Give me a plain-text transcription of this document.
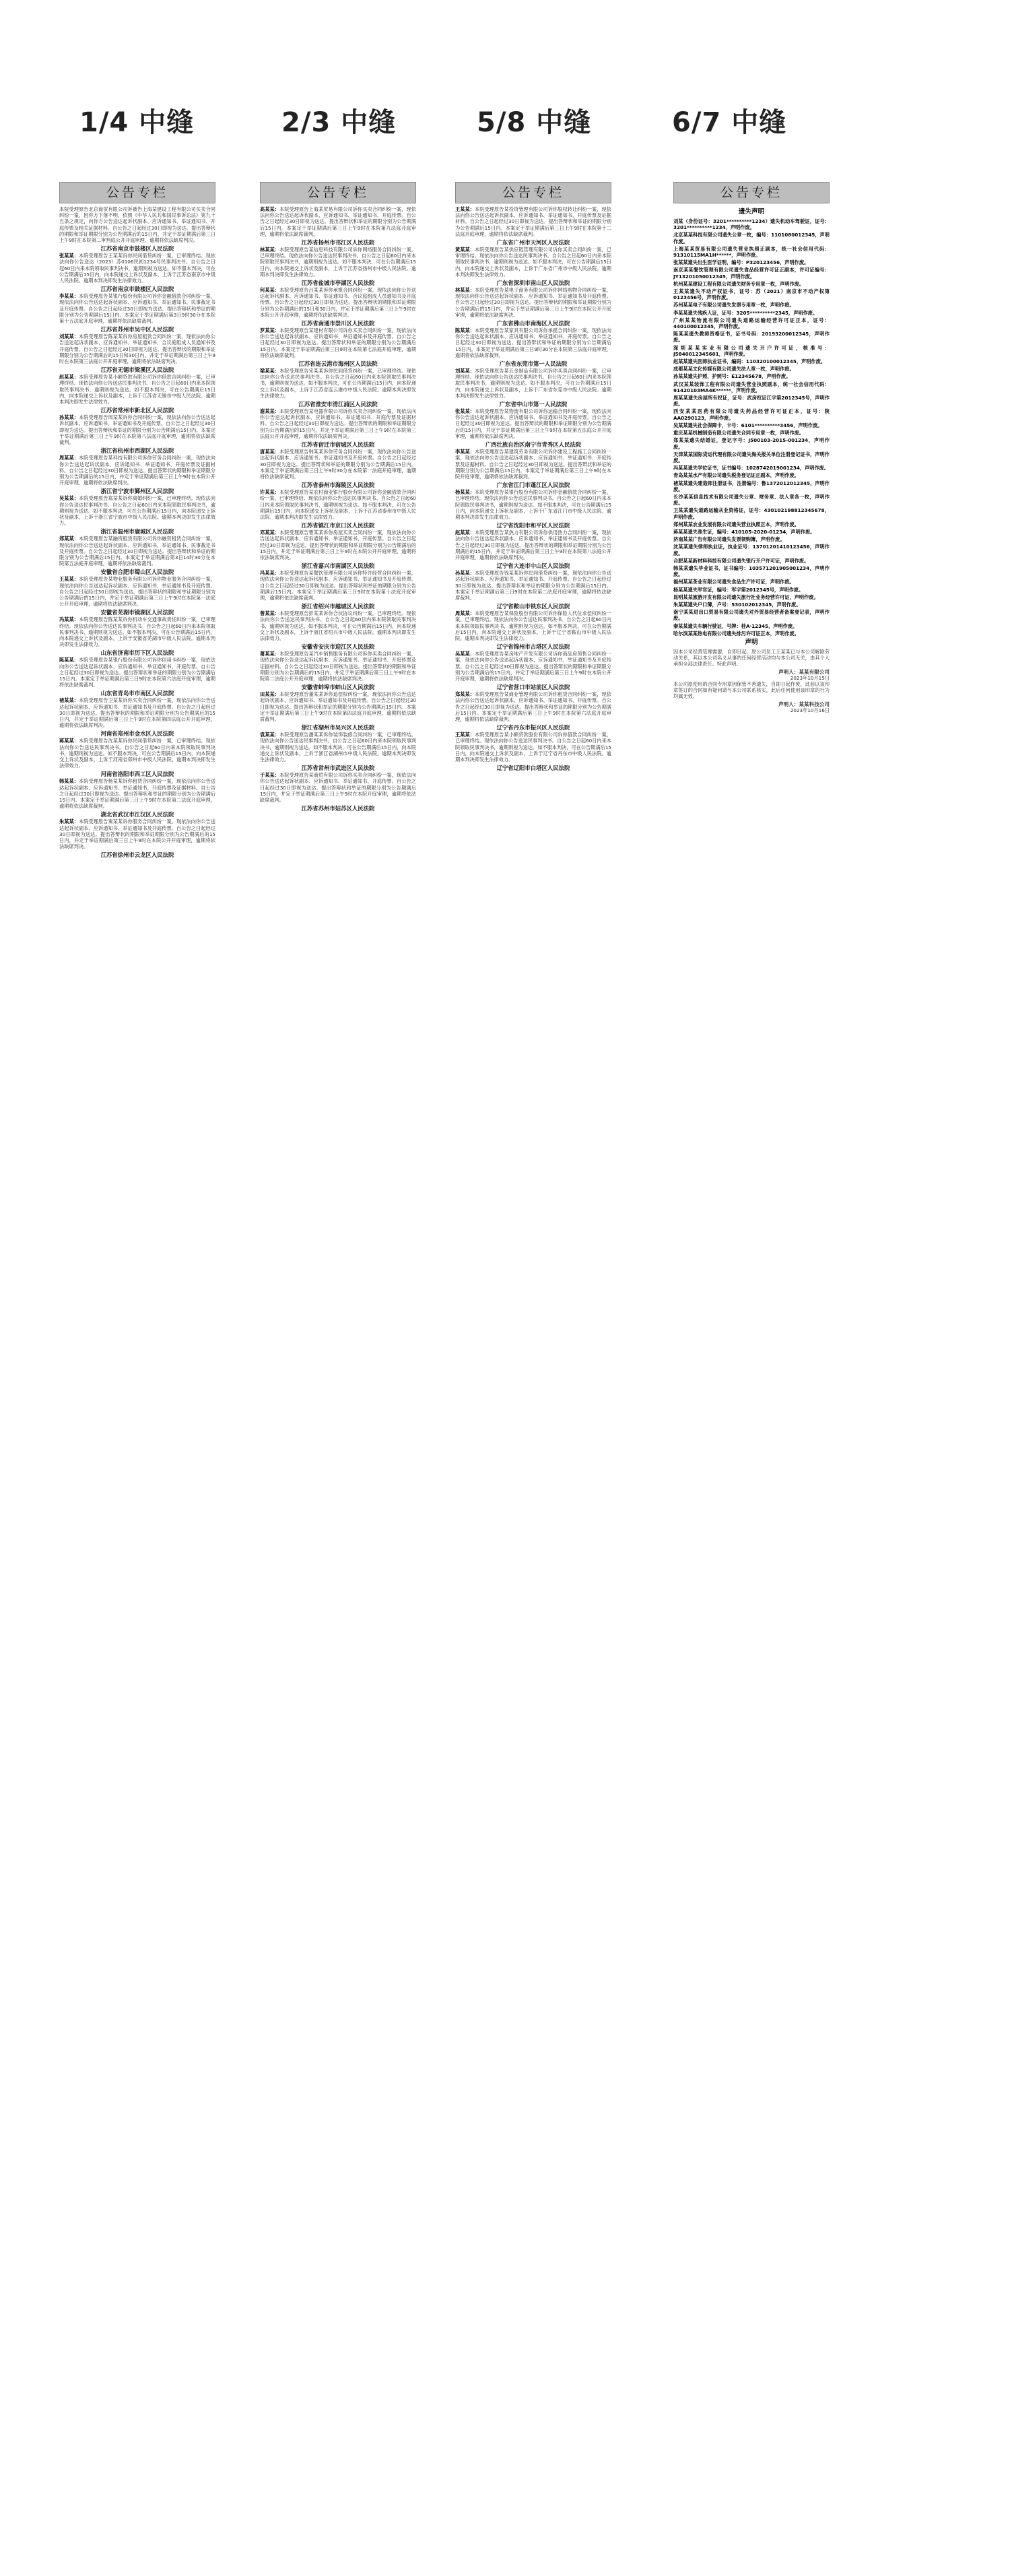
1/4 中缝	2/3 中缝	5/8 中缝	6/7 中缝
公告专栏

本院受理原告北京商贸有限公司诉被告上海某建设工程有限公司买卖合同纠纷一案，因你方下落不明，依照《中华人民共和国民事诉讼法》第九十五条之规定，向你方公告送达起诉状副本、应诉通知书、举证通知书、开庭传票及相关证据材料。自公告之日起经过30日即视为送达。提出答辩状的期限和举证期限分别为公告期满后的15日内，并定于举证期满后第三日上午9时在本院第二审判庭公开开庭审理，逾期将依法缺席判决。

江苏省南京市鼓楼区人民法院

张某某：本院受理原告王某某诉你民间借贷纠纷一案，已审理终结。现依法向你公告送达（2023）苏0106民初1234号民事判决书。自公告之日起60日内来本院领取民事判决书，逾期则视为送达。如不服本判决，可在公告期满后15日内，向本院递交上诉状及副本，上诉于江苏省南京市中级人民法院。逾期本判决即发生法律效力。

江苏省南京市鼓楼区人民法院

李某某：本院受理原告某银行股份有限公司诉你金融借款合同纠纷一案，现依法向你公告送达起诉状副本、应诉通知书、举证通知书、民事裁定书及开庭传票。自公告之日起经过30日即视为送达。提出答辩状和举证的期限分别为公告期满后15日内。本案定于举证期满后第3日9时30分在本院第十五法庭开庭审理，逾期将依法缺席裁判。

江苏省苏州市吴中区人民法院

刘某某：本院受理原告陈某某诉你房屋租赁合同纠纷一案，现依法向你公告送达起诉状副本、应诉通知书、举证通知书、合议庭组成人员通知书及开庭传票。自公告之日起经过30日即视为送达。提出答辩状的期限和举证期限分别为公告期满后的15日和30日内，并定于举证期满后第三日上午9时在本院第三法庭公开开庭审理，逾期将依法缺席判决。

江苏省无锡市梁溪区人民法院

赵某某：本院受理原告某小额贷款有限公司诉你借款合同纠纷一案，已审理终结。现依法向你公告送达民事判决书。自公告之日起60日内来本院领取民事判决书，逾期则视为送达。如不服本判决，可在公告期满后15日内，向本院递交上诉状及副本，上诉于江苏省无锡市中级人民法院。逾期本判决即发生法律效力。

江苏省常州市新北区人民法院

孙某某：本院受理原告周某某诉你合同纠纷一案，现依法向你公告送达起诉状副本、应诉通知书、举证通知书及开庭传票。自公告之日起经过30日即视为送达。提出答辩状和举证的期限分别为公告期满后15日内。本案定于举证期满后第三日上午9时在本院第八法庭开庭审理，逾期将依法缺席裁判。

浙江省杭州市西湖区人民法院

周某某：本院受理原告某科技有限公司诉你劳务合同纠纷一案，现依法向你公告送达起诉状副本、应诉通知书、举证通知书、开庭传票及证据材料。自公告之日起经过30日即视为送达。提出答辩状的期限和举证期限分别为公告期满后的15日内，并定于举证期满后第三日上午9时在本院公开开庭审理，逾期将依法缺席判决。

浙江省宁波市鄞州区人民法院

吴某某：本院受理原告郑某某诉你离婚纠纷一案，已审理终结。现依法向你公告送达民事判决书。自公告之日起60日内来本院领取民事判决书，逾期则视为送达。如不服本判决，可在公告期满后15日内，向本院递交上诉状及副本，上诉于浙江省宁波市中级人民法院。逾期本判决即发生法律效力。

浙江省温州市鹿城区人民法院

郑某某：本院受理原告某融资租赁有限公司诉你融资租赁合同纠纷一案，现依法向你公告送达起诉状副本、应诉通知书、举证通知书、民事裁定书及开庭传票。自公告之日起经过30日即视为送达。提出答辩状和举证的期限分别为公告期满后15日内。本案定于举证期满后第3日14时30分在本院第五法庭开庭审理，逾期将依法缺席裁判。

安徽省合肥市蜀山区人民法院

王某某：本院受理原告某物业服务有限公司诉你物业服务合同纠纷一案，现依法向你公告送达起诉状副本、应诉通知书、举证通知书及开庭传票。自公告之日起经过30日即视为送达。提出答辩状的期限和举证期限分别为公告期满后的15日内，并定于举证期满后第三日上午9时在本院第一法庭公开开庭审理，逾期将依法缺席判决。

安徽省芜湖市镜湖区人民法院

冯某某：本院受理原告陈某某诉你机动车交通事故责任纠纷一案，已审理终结。现依法向你公告送达民事判决书。自公告之日起60日内来本院领取民事判决书，逾期则视为送达。如不服本判决，可在公告期满后15日内，向本院递交上诉状及副本，上诉于安徽省芜湖市中级人民法院。逾期本判决即发生法律效力。

山东省济南市历下区人民法院

陈某某：本院受理原告某银行股份有限公司诉你信用卡纠纷一案，现依法向你公告送达起诉状副本、应诉通知书、举证通知书、开庭传票。自公告之日起经过30日即视为送达。提出答辩状和举证的期限分别为公告期满后15日内。本案定于举证期满后第三日9时在本院第六法庭开庭审理，逾期将依法缺席裁判。

山东省青岛市市南区人民法院

褚某某：本院受理原告卫某某诉你买卖合同纠纷一案，现依法向你公告送达起诉状副本、应诉通知书、举证通知书及开庭传票。自公告之日起经过30日即视为送达。提出答辩状的期限和举证期限分别为公告期满后的15日内，并定于举证期满后第三日上午9时在本院第四法庭公开开庭审理，逾期将依法缺席判决。

河南省郑州市金水区人民法院

蒋某某：本院受理原告沈某某诉你民间借贷纠纷一案，已审理终结。现依法向你公告送达民事判决书。自公告之日起60日内来本院领取民事判决书，逾期则视为送达。如不服本判决，可在公告期满后15日内，向本院递交上诉状及副本，上诉于河南省郑州市中级人民法院。逾期本判决即发生法律效力。

河南省洛阳市西工区人民法院

韩某某：本院受理原告杨某某诉你租赁合同纠纷一案，现依法向你公告送达起诉状副本、应诉通知书、举证通知书、开庭传票及证据材料。自公告之日起经过30日即视为送达。提出答辩状和举证的期限分别为公告期满后15日内。本案定于举证期满后第三日上午9时在本院第二法庭开庭审理，逾期将依法缺席裁判。

湖北省武汉市江汉区人民法院

朱某某：本院受理原告秦某某诉你服务合同纠纷一案，现依法向你公告送达起诉状副本、应诉通知书、举证通知书及开庭传票。自公告之日起经过30日即视为送达。提出答辩状的期限和举证期限分别为公告期满后的15日内，并定于举证期满后第三日上午9时在本院公开开庭审理，逾期将依法缺席判决。

江苏省徐州市云龙区人民法院
公告专栏

高某某：本院受理原告上海某贸易有限公司诉你买卖合同纠纷一案，现依法向你公告送达起诉状副本、应诉通知书、举证通知书、开庭传票。自公告之日起经过30日即视为送达。提出答辩状和举证的期限分别为公告期满后15日内。本案定于举证期满后第三日上午9时在本院第九法庭开庭审理，逾期将依法缺席裁判。

江苏省扬州市邗江区人民法院

林某某：本院受理原告某信息科技有限公司诉你网络服务合同纠纷一案，已审理终结。现依法向你公告送达民事判决书。自公告之日起60日内来本院领取民事判决书，逾期则视为送达。如不服本判决，可在公告期满后15日内，向本院递交上诉状及副本，上诉于江苏省扬州市中级人民法院。逾期本判决即发生法律效力。

江苏省盐城市亭湖区人民法院

何某某：本院受理原告吕某某诉你承揽合同纠纷一案，现依法向你公告送达起诉状副本、应诉通知书、举证通知书、合议庭组成人员通知书及开庭传票。自公告之日起经过30日即视为送达。提出答辩状的期限和举证期限分别为公告期满后的15日和30日内，并定于举证期满后第三日上午9时在本院公开开庭审理，逾期将依法缺席判决。

江苏省南通市崇川区人民法院

罗某某：本院受理原告某建材有限公司诉你买卖合同纠纷一案，现依法向你公告送达起诉状副本、应诉通知书、举证通知书及开庭传票。自公告之日起经过30日即视为送达。提出答辩状和举证的期限分别为公告期满后15日内。本案定于举证期满后第三日9时在本院第七法庭开庭审理，逾期将依法缺席裁判。

江苏省连云港市海州区人民法院

梁某某：本院受理原告宋某某诉你民间借贷纠纷一案，已审理终结。现依法向你公告送达民事判决书。自公告之日起60日内来本院领取民事判决书，逾期则视为送达。如不服本判决，可在公告期满后15日内，向本院递交上诉状及副本，上诉于江苏省连云港市中级人民法院。逾期本判决即发生法律效力。

江苏省淮安市清江浦区人民法院

谢某某：本院受理原告某电器有限公司诉你买卖合同纠纷一案，现依法向你公告送达起诉状副本、应诉通知书、举证通知书、开庭传票及证据材料。自公告之日起经过30日即视为送达。提出答辩状的期限和举证期限分别为公告期满后的15日内，并定于举证期满后第三日上午9时在本院第三法庭公开开庭审理，逾期将依法缺席判决。

江苏省宿迁市宿城区人民法院

唐某某：本院受理原告韩某某诉你劳务合同纠纷一案，现依法向你公告送达起诉状副本、应诉通知书、举证通知书及开庭传票。自公告之日起经过30日即视为送达。提出答辩状和举证的期限分别为公告期满后15日内。本案定于举证期满后第三日上午9时30分在本院第一法庭开庭审理，逾期将依法缺席裁判。

江苏省泰州市海陵区人民法院

许某某：本院受理原告某农村商业银行股份有限公司诉你金融借款合同纠纷一案，已审理终结。现依法向你公告送达民事判决书。自公告之日起60日内来本院领取民事判决书，逾期则视为送达。如不服本判决，可在公告期满后15日内，向本院递交上诉状及副本，上诉于江苏省泰州市中级人民法院。逾期本判决即发生法律效力。

江苏省镇江市京口区人民法院

邓某某：本院受理原告曹某某诉你房屋买卖合同纠纷一案，现依法向你公告送达起诉状副本、应诉通知书、举证通知书、开庭传票。自公告之日起经过30日即视为送达。提出答辩状的期限和举证期限分别为公告期满后的15日内，并定于举证期满后第三日上午9时在本院公开开庭审理，逾期将依法缺席判决。

浙江省嘉兴市南湖区人民法院

冯某某：本院受理原告某餐饮管理有限公司诉你特许经营合同纠纷一案，现依法向你公告送达起诉状副本、应诉通知书、举证通知书及开庭传票。自公告之日起经过30日即视为送达。提出答辩状和举证的期限分别为公告期满后15日内。本案定于举证期满后第三日9时在本院第十法庭开庭审理，逾期将依法缺席裁判。

浙江省绍兴市越城区人民法院

曾某某：本院受理原告彭某某诉你合伙协议纠纷一案，已审理终结。现依法向你公告送达民事判决书。自公告之日起60日内来本院领取民事判决书，逾期则视为送达。如不服本判决，可在公告期满后15日内，向本院递交上诉状及副本，上诉于浙江省绍兴市中级人民法院。逾期本判决即发生法律效力。

安徽省安庆市迎江区人民法院

萧某某：本院受理原告某汽车销售服务有限公司诉你买卖合同纠纷一案，现依法向你公告送达起诉状副本、应诉通知书、举证通知书、开庭传票及证据材料。自公告之日起经过30日即视为送达。提出答辩状的期限和举证期限分别为公告期满后的15日内，并定于举证期满后第三日上午9时在本院第二法庭公开开庭审理，逾期将依法缺席判决。

安徽省蚌埠市蚌山区人民法院

田某某：本院受理原告董某某诉你追偿权纠纷一案，现依法向你公告送达起诉状副本、应诉通知书、举证通知书及开庭传票。自公告之日起经过30日即视为送达。提出答辩状和举证的期限分别为公告期满后15日内。本案定于举证期满后第三日上午9时在本院第四法庭开庭审理，逾期将依法缺席裁判。

浙江省湖州市吴兴区人民法院

袁某某：本院受理原告潘某某诉你装饰装修合同纠纷一案，已审理终结。现依法向你公告送达民事判决书。自公告之日起60日内来本院领取民事判决书，逾期则视为送达。如不服本判决，可在公告期满后15日内，向本院递交上诉状及副本，上诉于浙江省湖州市中级人民法院。逾期本判决即发生法律效力。

江苏省常州市武进区人民法院

于某某：本院受理原告某商贸有限公司诉你买卖合同纠纷一案，现依法向你公告送达起诉状副本、应诉通知书、举证通知书、开庭传票。自公告之日起经过30日即视为送达。提出答辩状和举证的期限分别为公告期满后15日内，并定于举证期满后第三日上午9时在本院开庭审理，逾期将依法缺席裁判。

江苏省苏州市姑苏区人民法院
公告专栏

王某某：本院受理原告某投资管理有限公司诉你股权转让纠纷一案，现依法向你公告送达起诉状副本、应诉通知书、举证通知书、开庭传票及证据材料。自公告之日起经过30日即视为送达。提出答辩状和举证的期限分别为公告期满后15日内。本案定于举证期满后第三日上午9时在本院第十二法庭开庭审理，逾期将依法缺席裁判。

广东省广州市天河区人民法院

黄某某：本院受理原告某供应链管理有限公司诉你买卖合同纠纷一案，已审理终结。现依法向你公告送达民事判决书。自公告之日起60日内来本院领取民事判决书，逾期则视为送达。如不服本判决，可在公告期满后15日内，向本院递交上诉状及副本，上诉于广东省广州市中级人民法院。逾期本判决即发生法律效力。

广东省深圳市南山区人民法院

林某某：本院受理原告某电子商务有限公司诉你网络购物合同纠纷一案，现依法向你公告送达起诉状副本、应诉通知书、举证通知书及开庭传票。自公告之日起经过30日即视为送达。提出答辩状的期限和举证期限分别为公告期满后的15日内，并定于举证期满后第三日上午9时在本院公开开庭审理，逾期将依法缺席判决。

广东省佛山市南海区人民法院

陈某某：本院受理原告某家具有限公司诉你承揽合同纠纷一案，现依法向你公告送达起诉状副本、应诉通知书、举证通知书、开庭传票。自公告之日起经过30日即视为送达。提出答辩状和举证的期限分别为公告期满后15日内。本案定于举证期满后第三日9时30分在本院第三法庭开庭审理，逾期将依法缺席裁判。

广东省东莞市第一人民法院

刘某某：本院受理原告某五金制品有限公司诉你买卖合同纠纷一案，已审理终结。现依法向你公告送达民事判决书。自公告之日起60日内来本院领取民事判决书，逾期则视为送达。如不服本判决，可在公告期满后15日内，向本院递交上诉状及副本，上诉于广东省东莞市中级人民法院。逾期本判决即发生法律效力。

广东省中山市第一人民法院

张某某：本院受理原告某物流有限公司诉你运输合同纠纷一案，现依法向你公告送达起诉状副本、应诉通知书、举证通知书及开庭传票。自公告之日起经过30日即视为送达。提出答辩状的期限和举证期限分别为公告期满后的15日内，并定于举证期满后第三日上午9时在本院第五法庭公开开庭审理，逾期将依法缺席判决。

广西壮族自治区南宁市青秀区人民法院

李某某：本院受理原告某建筑劳务有限公司诉你建设工程施工合同纠纷一案，现依法向你公告送达起诉状副本、应诉通知书、举证通知书、开庭传票及证据材料。自公告之日起经过30日即视为送达。提出答辩状和举证的期限分别为公告期满后15日内。本案定于举证期满后第三日上午9时在本院开庭审理，逾期将依法缺席裁判。

广东省江门市蓬江区人民法院

杨某某：本院受理原告某银行股份有限公司诉你金融借款合同纠纷一案，已审理终结。现依法向你公告送达民事判决书。自公告之日起60日内来本院领取民事判决书，逾期则视为送达。如不服本判决，可在公告期满后15日内，向本院递交上诉状及副本，上诉于广东省江门市中级人民法院。逾期本判决即发生法律效力。

辽宁省沈阳市和平区人民法院

赵某某：本院受理原告某热力有限公司诉你供用热力合同纠纷一案，现依法向你公告送达起诉状副本、应诉通知书、举证通知书及开庭传票。自公告之日起经过30日即视为送达。提出答辩状的期限和举证期限分别为公告期满后的15日内，并定于举证期满后第三日上午9时在本院第八法庭公开开庭审理，逾期将依法缺席判决。

辽宁省大连市中山区人民法院

孙某某：本院受理原告钱某某诉你民间借贷纠纷一案，现依法向你公告送达起诉状副本、应诉通知书、举证通知书、开庭传票。自公告之日起经过30日即视为送达。提出答辩状和举证的期限分别为公告期满后15日内。本案定于举证期满后第三日9时在本院第二法庭开庭审理，逾期将依法缺席裁判。

辽宁省鞍山市铁东区人民法院

周某某：本院受理原告某保险股份有限公司诉你保险人代位求偿权纠纷一案，已审理终结。现依法向你公告送达民事判决书。自公告之日起60日内来本院领取民事判决书，逾期则视为送达。如不服本判决，可在公告期满后15日内，向本院递交上诉状及副本，上诉于辽宁省鞍山市中级人民法院。逾期本判决即发生法律效力。

辽宁省锦州市古塔区人民法院

吴某某：本院受理原告某房地产开发有限公司诉你商品房预售合同纠纷一案，现依法向你公告送达起诉状副本、应诉通知书、举证通知书及开庭传票。自公告之日起经过30日即视为送达。提出答辩状的期限和举证期限分别为公告期满后的15日内，并定于举证期满后第三日上午9时在本院公开开庭审理，逾期将依法缺席判决。

辽宁省营口市站前区人民法院

郑某某：本院受理原告某商业管理有限公司诉你租赁合同纠纷一案，现依法向你公告送达起诉状副本、应诉通知书、举证通知书、开庭传票。自公告之日起经过30日即视为送达。提出答辩状和举证的期限分别为公告期满后15日内。本案定于举证期满后第三日上午9时在本院第六法庭开庭审理，逾期将依法缺席裁判。

辽宁省丹东市振兴区人民法院

王某某：本院受理原告某小额贷款股份有限公司诉你借款合同纠纷一案，已审理终结。现依法向你公告送达民事判决书。自公告之日起60日内来本院领取民事判决书，逾期则视为送达。如不服本判决，可在公告期满后15日内，向本院递交上诉状及副本，上诉于辽宁省丹东市中级人民法院。逾期本判决即发生法律效力。

辽宁省辽阳市白塔区人民法院
公告专栏
遗失声明

刘某（身份证号：3201**********1234）遗失机动车驾驶证，证号：3201**********1234，声明作废。

北京某某科技有限公司遗失公章一枚，编号：1101080012345，声明作废。

上海某某贸易有限公司遗失营业执照正副本，统一社会信用代码：91310115MA1H******，声明作废。

张某某遗失出生医学证明，编号：P320123456，声明作废。

南京某某餐饮管理有限公司遗失食品经营许可证正副本，许可证编号：JY13201050012345，声明作废。

杭州某某建设工程有限公司遗失财务专用章一枚，声明作废。

王某某遗失不动产权证书，证号：苏（2021）南京市不动产权第0123456号，声明作废。

苏州某某电子有限公司遗失发票专用章一枚，声明作废。

李某某遗失残疾人证，证号：3205**********2345，声明作废。

广州某某物流有限公司遗失道路运输经营许可证正本，证号：440100012345，声明作废。

陈某某遗失教师资格证书，证书号码：20193200012345，声明作废。

深圳某某实业有限公司遗失开户许可证，核准号：J5840012345601，声明作废。

赵某某遗失医师执业证书，编码：110320100012345，声明作废。

成都某某文化传媒有限公司遗失法人章一枚，声明作废。

孙某某遗失护照，护照号：E12345678，声明作废。

武汉某某装饰工程有限公司遗失营业执照副本，统一社会信用代码：91420103MA4K******，声明作废。

周某某遗失房屋所有权证，证号：武房权证江字第2012345号，声明作废。

西安某某医药有限公司遗失药品经营许可证正本，证号：陕AA0290123，声明作废。

吴某某遗失社会保障卡，卡号：6101**********3456，声明作废。

重庆某某机械制造有限公司遗失合同专用章一枚，声明作废。

郑某某遗失结婚证，登记字号：J500103-2015-001234，声明作废。

天津某某国际货运代理有限公司遗失海关报关单位注册登记证书，声明作废。

冯某某遗失学位证书，证书编号：1028742019001234，声明作废。

青岛某某水产有限公司遗失税务登记证正副本，声明作废。

褚某某遗失建造师注册证书，注册编号：鲁1372012012345，声明作废。

长沙某某信息技术有限公司遗失公章、财务章、法人章各一枚，声明作废。

卫某某遗失道路运输从业资格证，证号：430102198812345678，声明作废。

郑州某某农业发展有限公司遗失营业执照正本，声明作废。

蒋某某遗失准生证，编号：410105-2020-01234，声明作废。

济南某某广告有限公司遗失发票领购簿，声明作废。

沈某某遗失律师执业证，执业证号：13701201410123456，声明作废。

合肥某某新材料科技有限公司遗失银行开户许可证，声明作废。

韩某某遗失毕业证书，证书编号：103571201905001234，声明作废。

福州某某茶业有限公司遗失食品生产许可证，声明作废。

杨某某遗失军官证，编号：军字第2012345号，声明作废。

昆明某某旅游开发有限公司遗失旅行社业务经营许可证，声明作废。

朱某某遗失户口簿，户号：530102012345，声明作废。

南宁某某进出口贸易有限公司遗失对外贸易经营者备案登记表，声明作废。

秦某某遗失车辆行驶证，号牌：桂A·12345，声明作废。

哈尔滨某某热电有限公司遗失排污许可证正本，声明作废。

声明

因本公司经营管理需要，自即日起，原公司员工王某某已与本公司解除劳动关系，其以本公司名义从事的任何经营活动均与本公司无关，由其个人承担全部法律责任。特此声明。

声明人：某某有限公司
2023年10月15日

本公司原使用的合同专用章因保管不善遗失，自即日起作废，此前以该印章签订的合同如有疑问请与本公司联系核实，此后任何使用该印章的行为均属无效。

声明人：某某科技公司
2023年10月16日
